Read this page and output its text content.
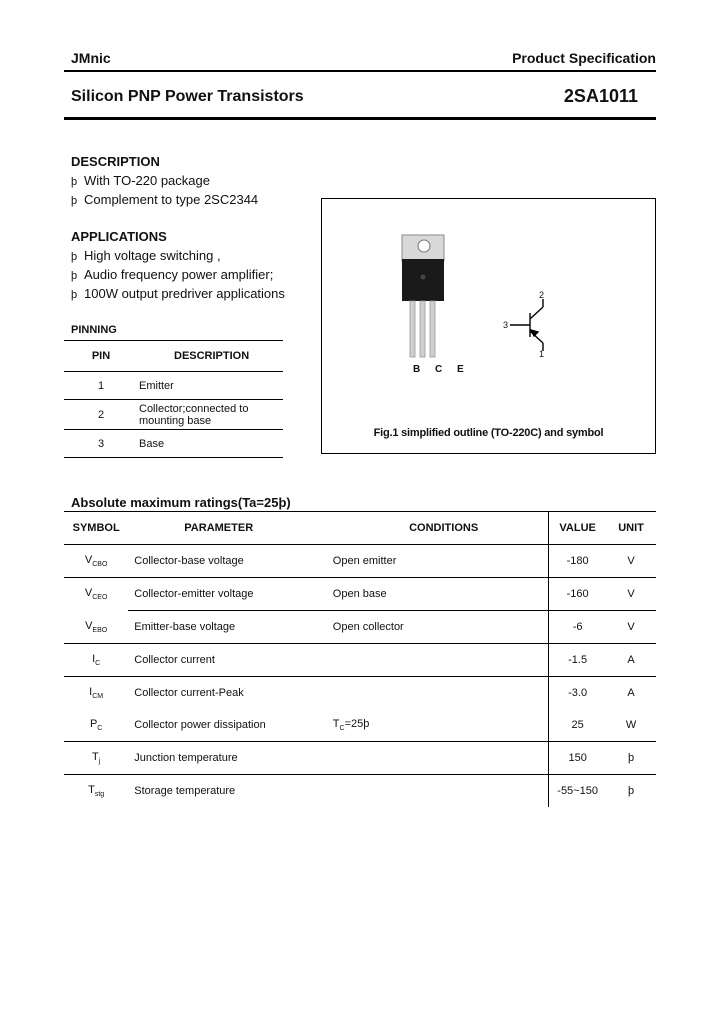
JMnic	Product Specification
Silicon PNP Power Transistors	2SA1011
DESCRIPTION
þ With TO-220 package
þ Complement to type 2SC2344
APPLICATIONS
þ High voltage switching ,
þ Audio frequency power amplifier;
þ 100W output predriver applications
PINNING
PIN	DESCRIPTION
1	Emitter
2	Collector;connected to mounting base
3	Base
2
3
1
B C E
Fig.1 simplified outline (TO-220C) and symbol
Absolute maximum ratings(Ta=25þ)
SYMBOL	PARAMETER	CONDITIONS	VALUE	UNIT
$V_{CBO}$	Collector-base voltage	Open emitter	-180	V
$V_{CEO}$	Collector-emitter voltage	Open base	-160	V
$V_{EBO}$	Emitter-base voltage	Open collector	-6	V
$I_C$	Collector current		-1.5	A
$I_{CM}$	Collector current-Peak		-3.0	A
$P_C$	Collector power dissipation	$T_C=25þ$	25	W
$T_j$	Junction temperature		150	þ
$T_{stg}$	Storage temperature		-55~150	þ
